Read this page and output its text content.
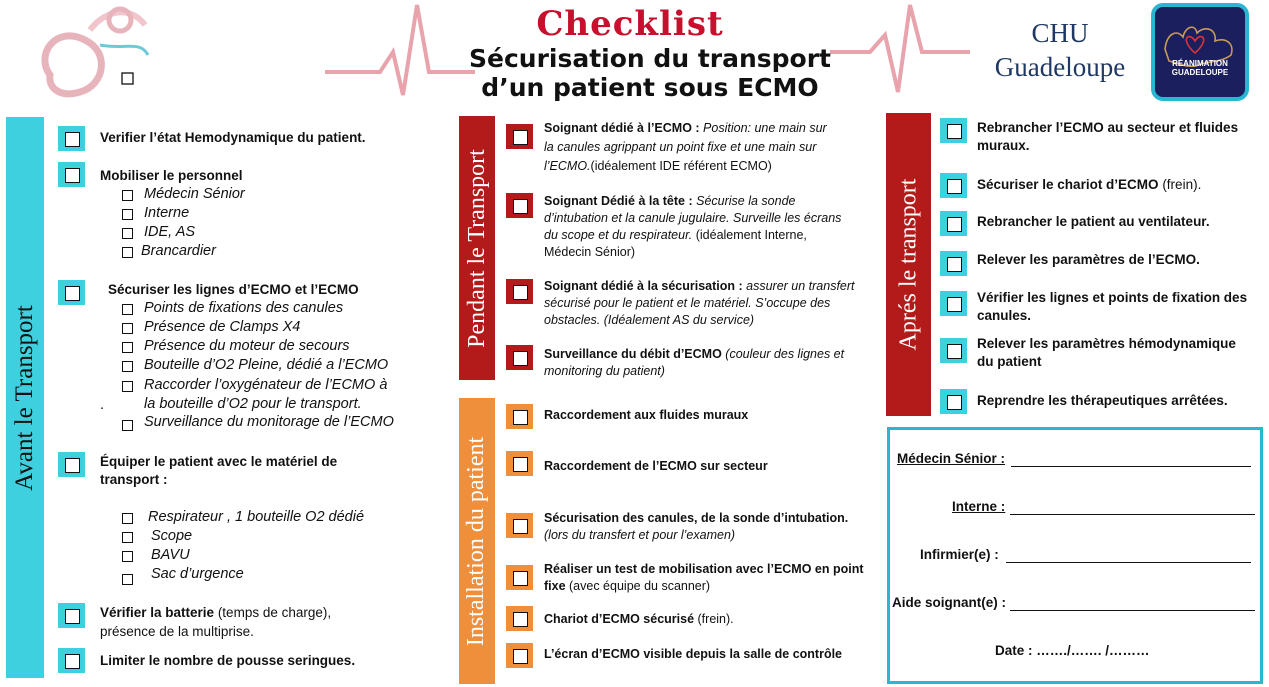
Checklist
Sécurisation du transport
d’un patient sous ECMO
CHU
Guadeloupe	RÉANIMATION
GUADELOUPE
Avant le Transport
Pendant le Transport
Installation du patient
Aprés le transport
Verifier l’état Hemodynamique du patient.
Mobiliser le personnel
Médecin Sénior
Interne
IDE, AS
Brancardier
Sécuriser les lignes d’ECMO et l’ECMO
Points de fixations des canules
Présence de Clamps X4
Présence du moteur de secours
Bouteille d’O2 Pleine, dédié a l’ECMO
Raccorder l’oxygénateur de l’ECMO à
.	la bouteille d’O2 pour le transport.
Surveillance du monitorage de l’ECMO
Équiper le patient avec le matériel de
transport :
Respirateur , 1 bouteille O2 dédié
Scope
BAVU
Sac d’urgence
Vérifier la batterie (temps de charge),
présence de la multiprise.
Limiter le nombre de pousse seringues.
Soignant dédié à l’ECMO : Position: une main sur
la canules agrippant un point fixe et une main sur
l’ECMO.(idéalement IDE référent ECMO)
Soignant Dédié à la tête : Sécurise la sonde
d’intubation et la canule jugulaire. Surveille les écrans
du scope et du respirateur. (idéalement Interne,
Médecin Sénior)
Soignant dédié à la sécurisation : assurer un transfert
sécurisé pour le patient et le matériel. S’occupe des
obstacles. (Idéalement AS du service)
Surveillance du débit d’ECMO (couleur des lignes et
monitoring du patient)
Raccordement aux fluides muraux
Raccordement de l’ECMO sur secteur
Sécurisation des canules, de la sonde d’intubation.
(lors du transfert et pour l’examen)
Réaliser un test de mobilisation avec l’ECMO en point
fixe (avec équipe du scanner)
Chariot d’ECMO sécurisé (frein).
L’écran d’ECMO visible depuis la salle de contrôle
Rebrancher l’ECMO au secteur et fluides
muraux.
Sécuriser le chariot d’ECMO (frein).
Rebrancher le patient au ventilateur.
Relever les paramètres de l’ECMO.
Vérifier les lignes et points de fixation des
canules.
Relever les paramètres hémodynamique
du patient
Reprendre les thérapeutiques arrêtées.
Médecin Sénior :
Interne :
Infirmier(e) :
Aide soignant(e) :
Date : ……./……. /………
